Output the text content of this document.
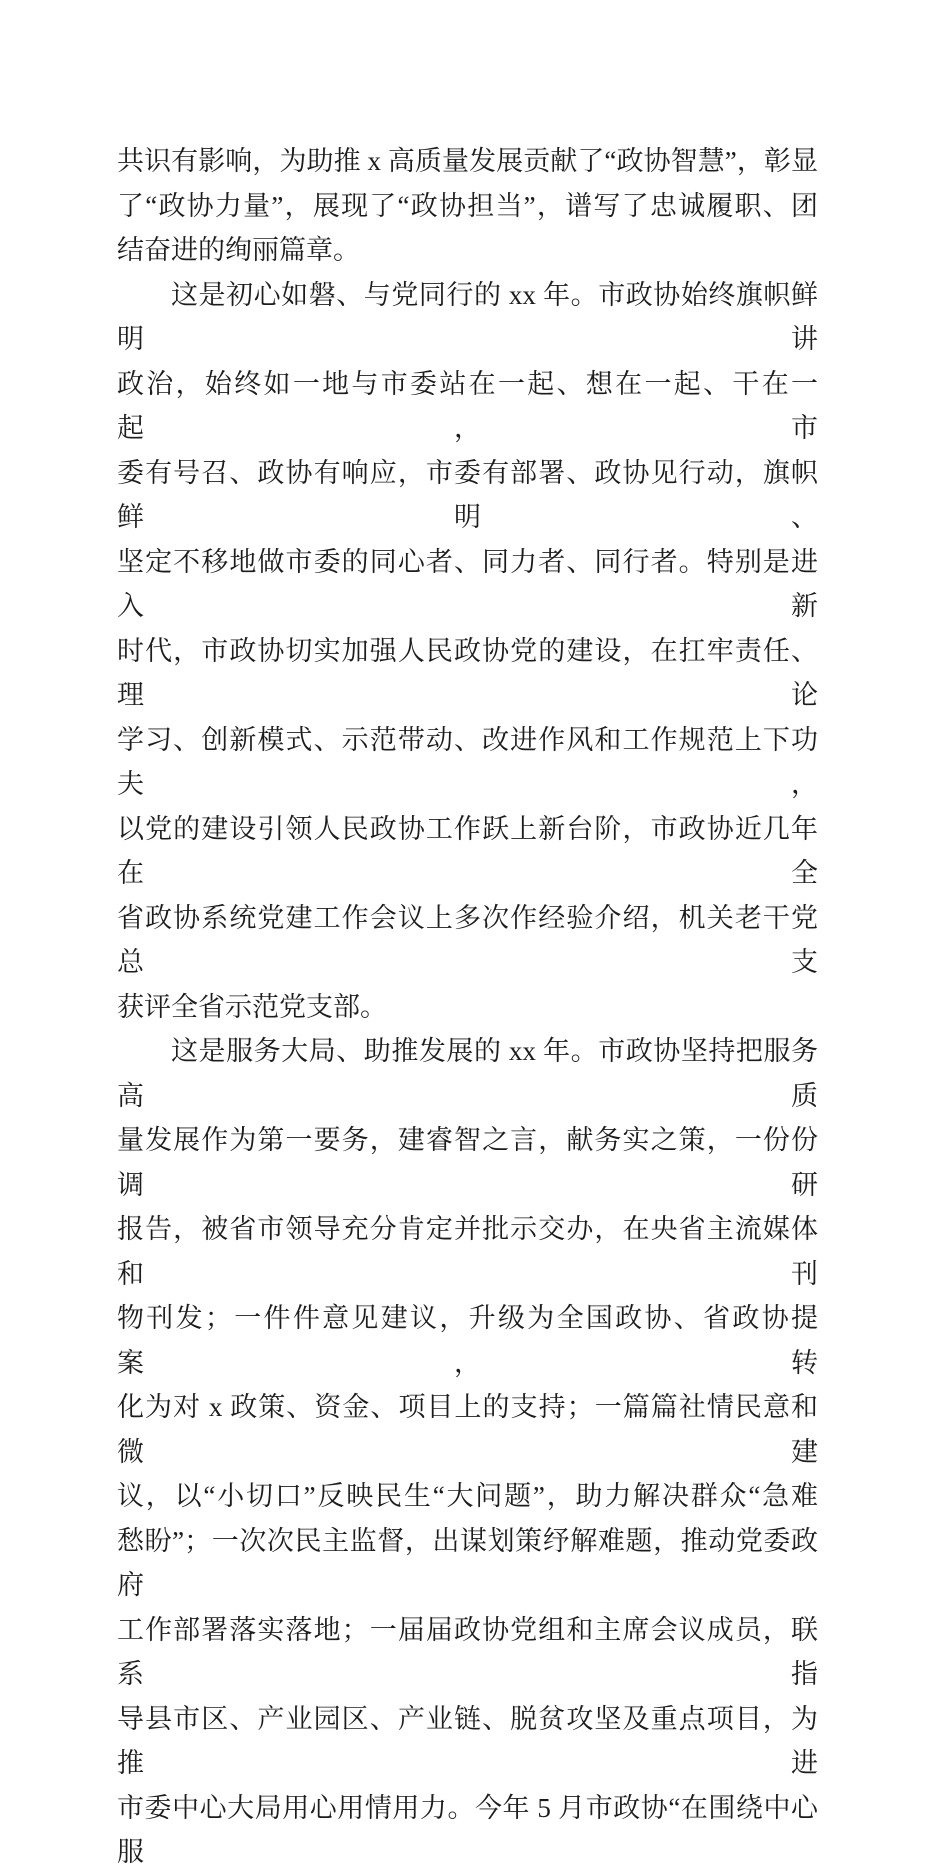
共识有影响，为助推 x 高质量发展贡献了“政协智慧”，彰显
了“政协力量”，展现了“政协担当”，谱写了忠诚履职、团
结奋进的绚丽篇章。
这是初心如磐、与党同行的 xx 年。市政协始终旗帜鲜明讲
政治，始终如一地与市委站在一起、想在一起、干在一起，市
委有号召、政协有响应，市委有部署、政协见行动，旗帜鲜明、
坚定不移地做市委的同心者、同力者、同行者。特别是进入新
时代，市政协切实加强人民政协党的建设，在扛牢责任、理论
学习、创新模式、示范带动、改进作风和工作规范上下功夫，
以党的建设引领人民政协工作跃上新台阶，市政协近几年在全
省政协系统党建工作会议上多次作经验介绍，机关老干党总支
获评全省示范党支部。
这是服务大局、助推发展的 xx 年。市政协坚持把服务高质
量发展作为第一要务，建睿智之言，献务实之策，一份份调研
报告，被省市领导充分肯定并批示交办，在央省主流媒体和刊
物刊发；一件件意见建议，升级为全国政协、省政协提案，转
化为对 x 政策、资金、项目上的支持；一篇篇社情民意和微建
议，以“小切口”反映民生“大问题”，助力解决群众“急难
愁盼”；一次次民主监督，出谋划策纾解难题，推动党委政府
工作部署落实落地；一届届政协党组和主席会议成员，联系指
导县市区、产业园区、产业链、脱贫攻坚及重点项目，为推进
市委中心大局用心用情用力。今年 5 月市政协“在围绕中心服
